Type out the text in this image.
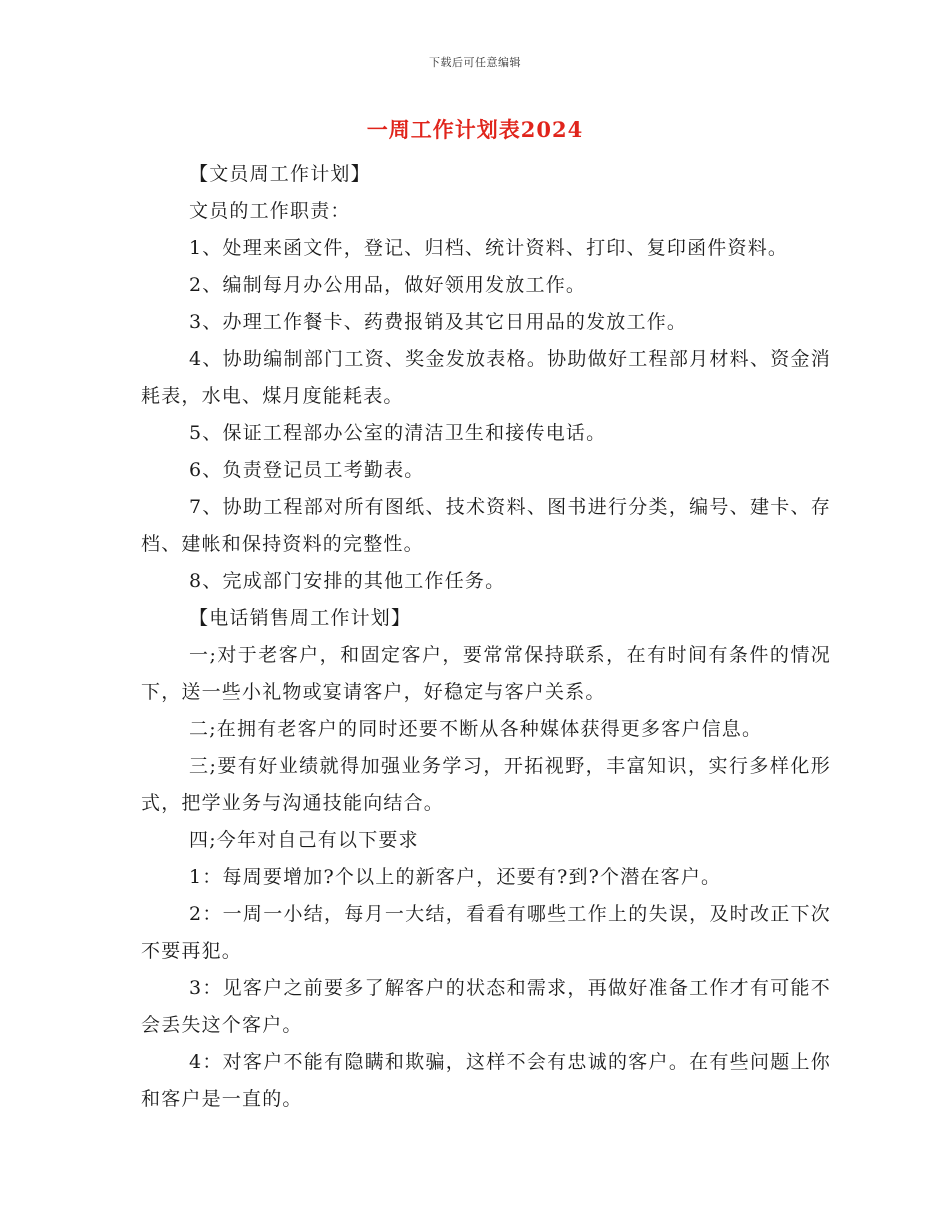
下载后可任意编辑
一周工作计划表2024

【文员周工作计划】

文员的工作职责：

1、处理来函文件，登记、归档、统计资料、打印、复印函件资料。

2、编制每月办公用品，做好领用发放工作。

3、办理工作餐卡、药费报销及其它日用品的发放工作。

4、协助编制部门工资、奖金发放表格。协助做好工程部月材料、资金消耗表，水电、煤月度能耗表。

5、保证工程部办公室的清洁卫生和接传电话。

6、负责登记员工考勤表。

7、协助工程部对所有图纸、技术资料、图书进行分类，编号、建卡、存档、建帐和保持资料的完整性。

8、完成部门安排的其他工作任务。

【电话销售周工作计划】

一;对于老客户，和固定客户，要常常保持联系，在有时间有条件的情况下，送一些小礼物或宴请客户，好稳定与客户关系。

二;在拥有老客户的同时还要不断从各种媒体获得更多客户信息。

三;要有好业绩就得加强业务学习，开拓视野，丰富知识，实行多样化形式，把学业务与沟通技能向结合。

四;今年对自己有以下要求

1：每周要增加?个以上的新客户，还要有?到?个潜在客户。

2：一周一小结，每月一大结，看看有哪些工作上的失误，及时改正下次不要再犯。

3：见客户之前要多了解客户的状态和需求，再做好准备工作才有可能不会丢失这个客户。

4：对客户不能有隐瞒和欺骗，这样不会有忠诚的客户。在有些问题上你和客户是一直的。
